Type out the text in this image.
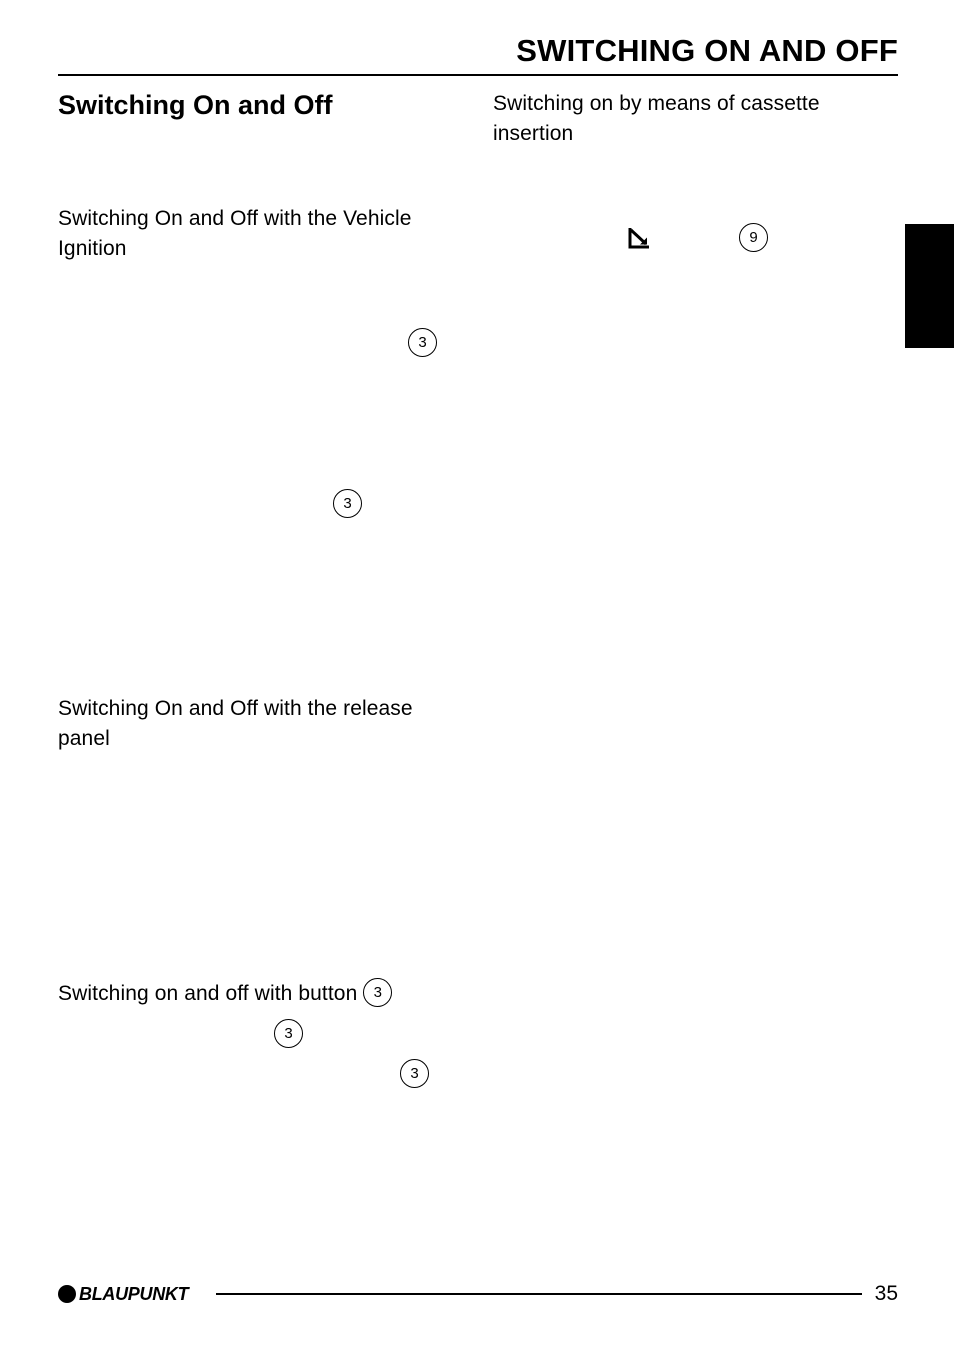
SWITCHING ON AND OFF
Switching On and Off
Switching On and Off with the Vehicle Ignition
3
3
Switching On and Off with the release panel
Switching on and off with button 3
3
3
Switching on by means of cassette insertion
9
BLAUPUNKT	35
